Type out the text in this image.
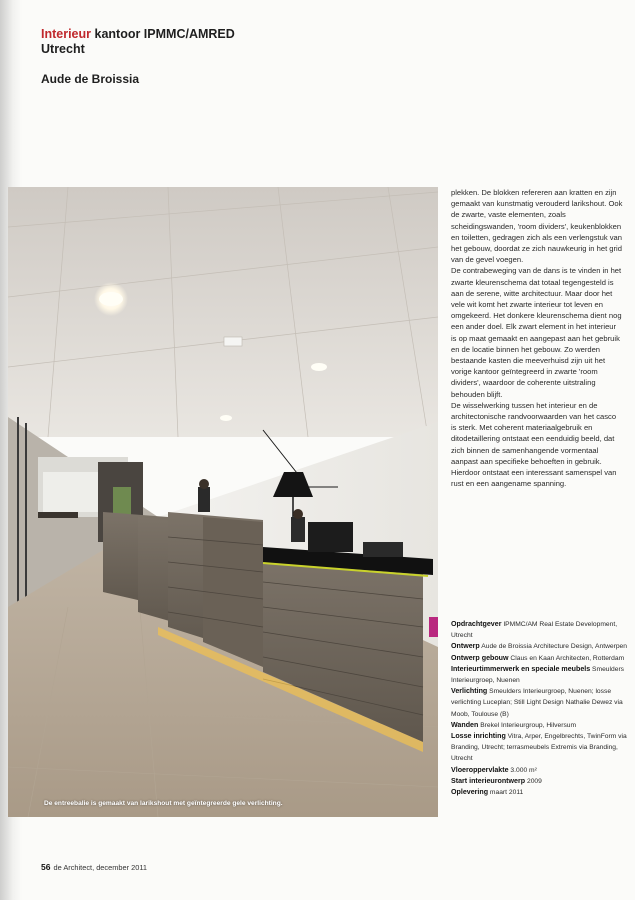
Interieur kantoor IPMMC/AMRED
Utrecht
Aude de Broissia
De entreebalie is gemaakt van larikshout met geïntegreerde gele verlichting.

plekken. De blokken refereren aan kratten en zijn gemaakt van kunstmatig verouderd larikshout. Ook de zwarte, vaste elementen, zoals scheidingswanden, 'room dividers', keukenblokken en toiletten, gedragen zich als een verlengstuk van het gebouw, doordat ze zich nauwkeurig in het grid van de gevel voegen.

De contrabeweging van de dans is te vinden in het zwarte kleurenschema dat totaal tegengesteld is aan de serene, witte architectuur. Maar door het vele wit komt het zwarte interieur tot leven en omgekeerd. Het donkere kleurenschema dient nog een ander doel. Elk zwart element in het interieur is op maat gemaakt en aangepast aan het gebruik en de locatie binnen het gebouw. Zo werden bestaande kasten die meeverhuisd zijn uit het vorige kantoor geïntegreerd in zwarte 'room dividers', waardoor de coherente uitstraling behouden blijft.

De wisselwerking tussen het interieur en de architectonische randvoorwaarden van het casco is sterk. Met coherent materiaalgebruik en ditodetaillering ontstaat een eenduidig beeld, dat zich binnen de samenhangende vormentaal aanpast aan specifieke behoeften in gebruik. Hierdoor ontstaat een interessant samenspel van rust en een aangename spanning.

Opdrachtgever IPMMC/AM Real Estate Development, Utrecht

Ontwerp Aude de Broissia Architecture Design, Antwerpen

Ontwerp gebouw Claus en Kaan Architecten, Rotterdam

Interieurtimmerwerk en speciale meubels Smeulders Interieurgroep, Nuenen

Verlichting Smeulders Interieurgroep, Nuenen; losse verlichting Luceplan; Still Light Design Nathalie Dewez via Moob, Toulouse (B)

Wanden Brekel Interieurgroup, Hilversum

Losse inrichting Vitra, Arper, Engelbrechts, TwinForm via Branding, Utrecht; terrasmeubels Extremis via Branding, Utrecht

Vloeroppervlakte 3.000 m²

Start interieurontwerp 2009

Oplevering maart 2011

56 de Architect, december 2011
